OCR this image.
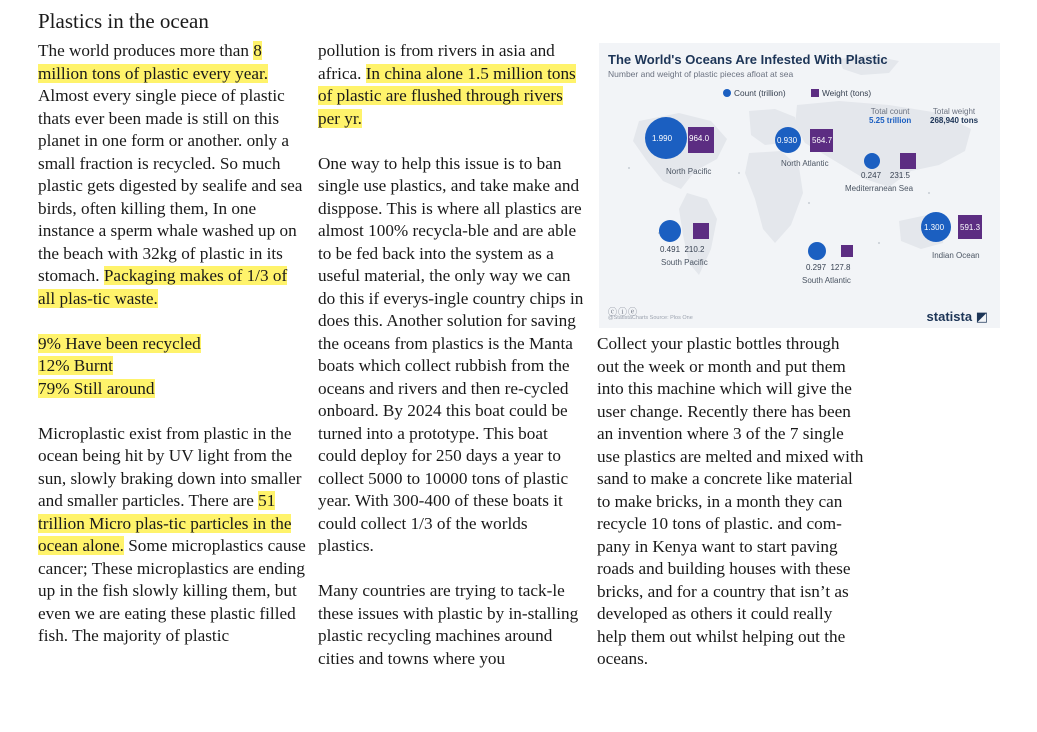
Plastics in the ocean

The world produces more than 8 million tons of plastic every year. Almost every single piece of plastic thats ever been made is still on this planet in one form or another. only a small fraction is recycled. So much plastic gets digested by sealife and sea birds, often killing them, In one instance a sperm whale washed up on the beach with 32kg of plastic in its stomach. Packaging makes of 1/3 of all plas-tic waste.

9% Have been recycled

12% Burnt

79% Still around

Microplastic exist from plastic in the ocean being hit by UV light from the sun, slowly braking down into smaller and smaller particles. There are 51 trillion Micro plas-tic particles in the ocean alone. Some microplastics cause cancer; These microplastics are ending up in the fish slowly killing them, but even we are eating these plastic filled fish. The majority of plastic

pollution is from rivers in asia and africa. In china alone 1.5 million tons of plastic are flushed through rivers per yr.

One way to help this issue is to ban single use plastics, and take make and disppose. This is where all plastics are almost 100% recycla-ble and are able to be fed back into the system as a useful material, the only way we can do this if everys-ingle country chips in does this. Another solution for saving the oceans from plastics is the Manta boats which collect rubbish from the oceans and rivers and then re-cycled onboard. By 2024 this boat could be turned into a prototype. This boat could deploy for 250 days a year to collect 5000 to 10000 tons of plastic year. With 300-400 of these boats it could collect 1/3 of the worlds plastics.

Many countries are trying to tack-le these issues with plastic by in-stalling plastic recycling machines around cities and towns where you

The World's Oceans Are Infested With Plastic
Number and weight of plastic pieces afloat at sea
Count (trillion)	Weight (tons)
Total count
5.25 trillion
Total weight
268,940 tons
1.990 964.0
North Pacific
0.930 564.7
North Atlantic
0.247 231.5
Mediterranean Sea
1.300 591.3
Indian Ocean
0.491 210.2
South Pacific
0.297 127.8
South Atlantic
ⓒⓘⓔ
@StatistaCharts Source: Plos One	statista ◩

Collect your plastic bottles through out the week or month and put them into this machine which will give the user change. Recently there has been an invention where 3 of the 7 single use plastics are melted and mixed with sand to make a concrete like material to make bricks, in a month they can recycle 10 tons of plastic. and com-pany in Kenya want to start paving roads and building houses with these bricks, and for a country that isn’t as developed as others it could really help them out whilst helping out the oceans.
